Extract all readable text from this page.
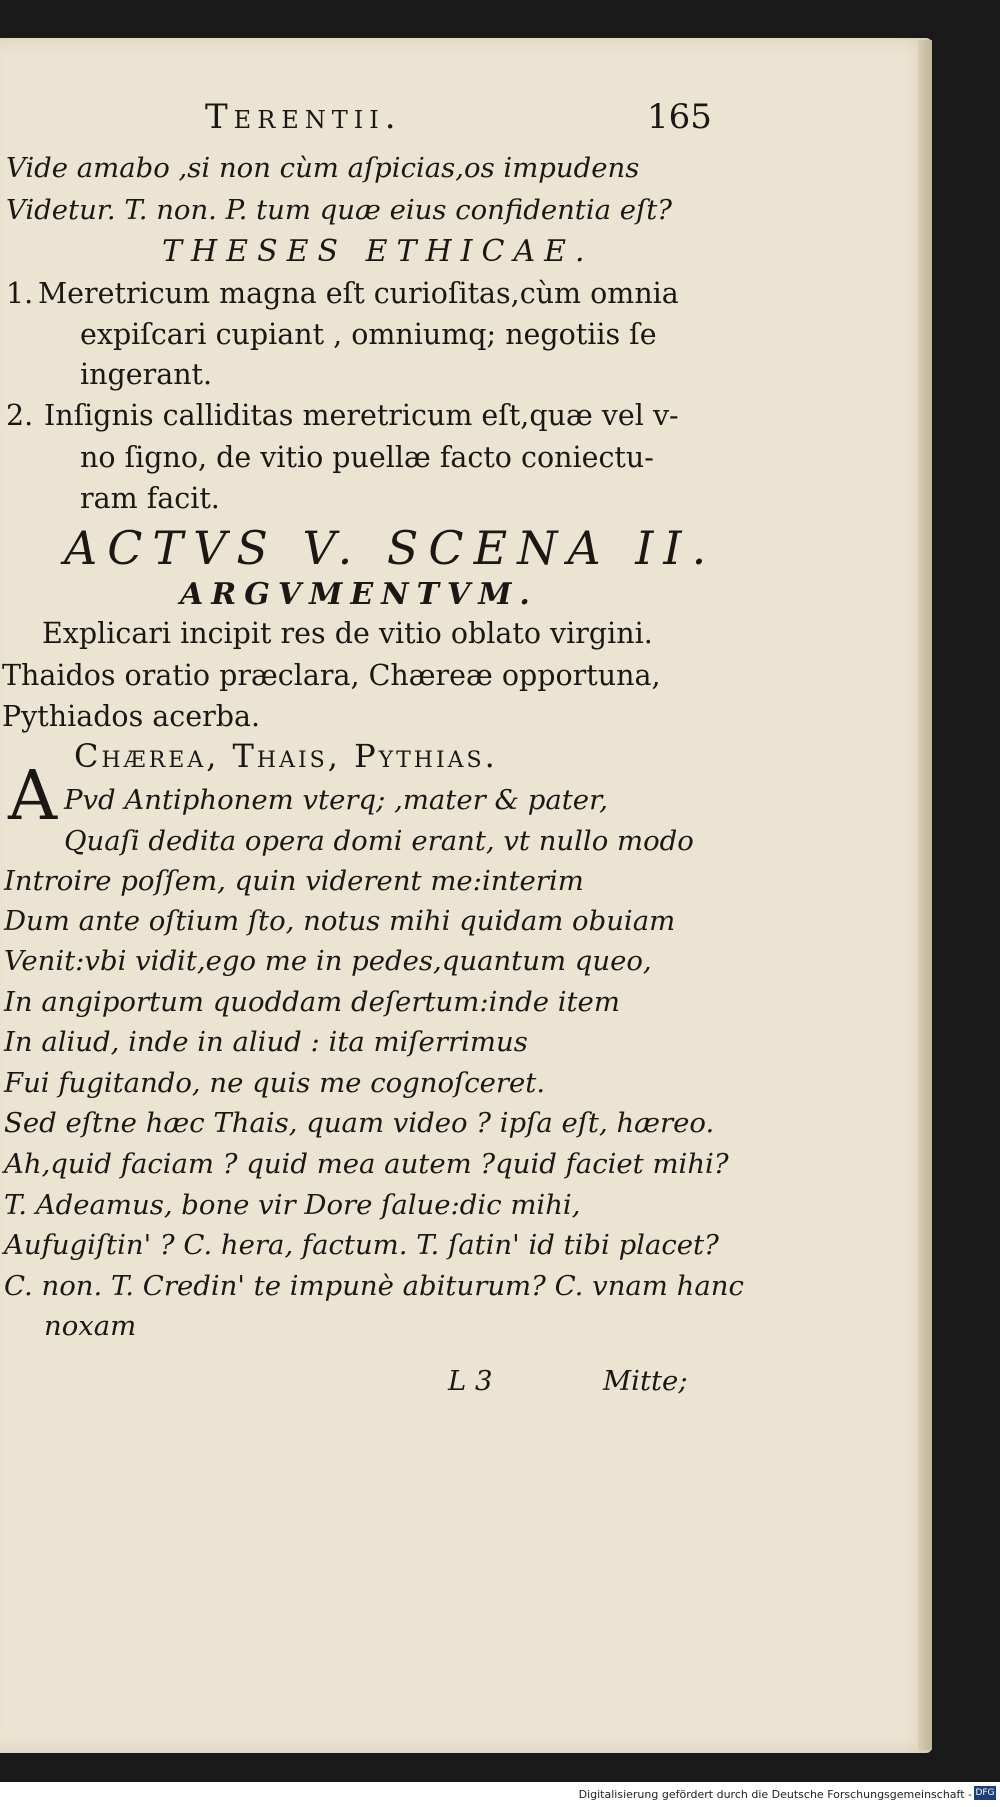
Terentii.	165
Vide amabo ,si non cùm aſpicias,os impudens
Videtur. T. non. P. tum quæ eius confidentia eſt?
THESES ETHICAE.
1. Meretricum magna eſt curioſitas,cùm omnia
expiſcari cupiant , omniumq; negotiis ſe
ingerant.
2. Inſignis calliditas meretricum eſt,quæ vel v-
no ſigno, de vitio puellæ facto coniectu-
ram facit.
ACTVS V. SCENA II.
ARGVMENTVM.
Explicari incipit res de vitio oblato virgini.
Thaidos oratio præclara, Chæreæ opportuna,
Pythiados acerba.
Chærea, Thais, Pythias.
A Pvd Antiphonem vterq; ,mater & pater,
Quaſi dedita opera domi erant, vt nullo modo
Introire poſſem, quin viderent me:interim
Dum ante oſtium ſto, notus mihi quidam obuiam
Venit:vbi vidit,ego me in pedes,quantum queo,
In angiportum quoddam deſertum:inde item
In aliud, inde in aliud : ita miſerrimus
Fui fugitando, ne quis me cognoſceret.
Sed eſtne hæc Thais, quam video ? ipſa eſt, hæreo.
Ah,quid faciam ? quid mea autem ?quid faciet mihi?
T. Adeamus, bone vir Dore ſalue:dic mihi,
Aufugiſtin' ? C. hera, factum. T. ſatin' id tibi placet?
C. non. T. Credin' te impunè abiturum? C. vnam hanc
noxam
L 3	Mitte;
Digitalisierung gefördert durch die Deutsche Forschungsgemeinschaft - DFG
